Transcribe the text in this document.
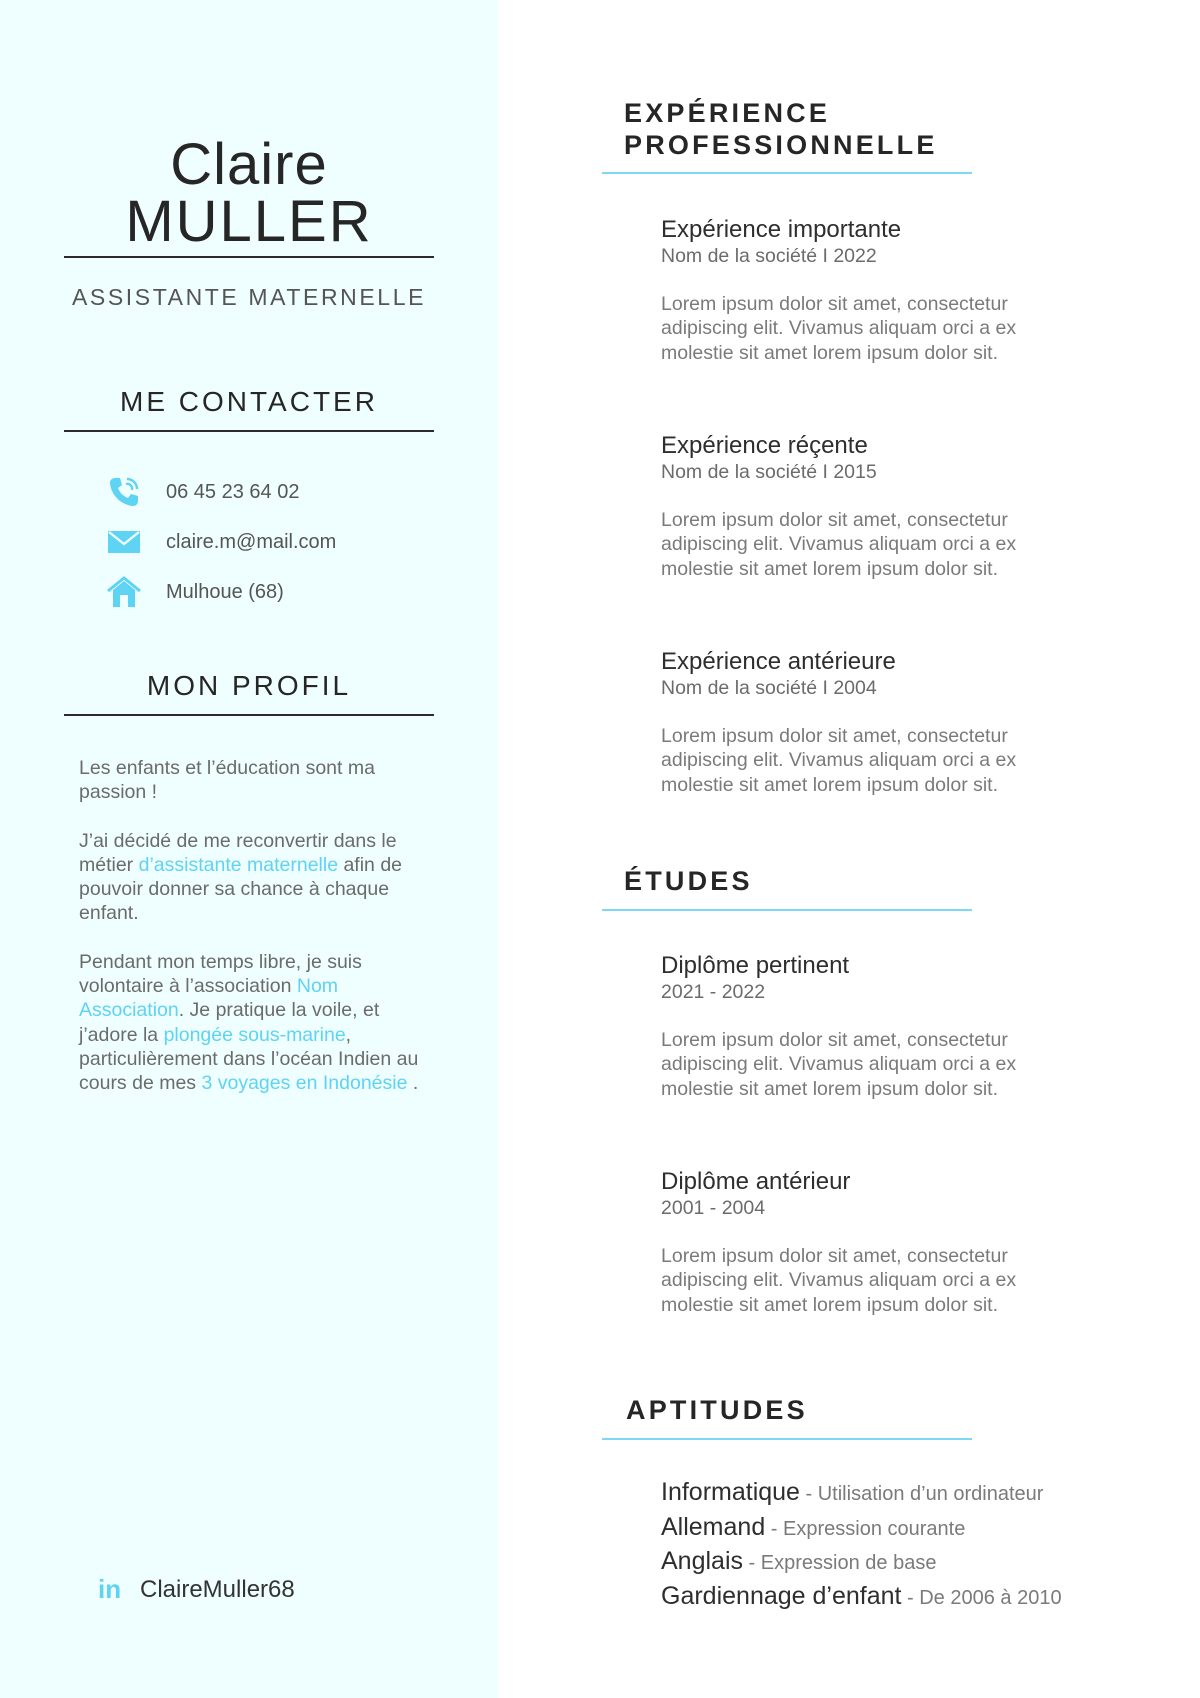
Claire
MULLER
ASSISTANTE MATERNELLE
ME CONTACTER
06 45 23 64 02
claire.m@mail.com
Mulhoue (68)
MON PROFIL

Les enfants et l’éducation sont ma passion !

J’ai décidé de me reconvertir dans le métier d’assistante maternelle afin de pouvoir donner sa chance à chaque enfant.

Pendant mon temps libre, je suis volontaire à l’association Nom Association. Je pratique la voile, et j’adore la plongée sous-marine, particulièrement dans l’océan Indien au cours de mes 3 voyages en Indonésie .

in ClaireMuller68
EXPÉRIENCE
PROFESSIONNELLE
Expérience importante
Nom de la société I 2022
Lorem ipsum dolor sit amet, consectetur adipiscing elit. Vivamus aliquam orci a ex molestie sit amet lorem ipsum dolor sit.
Expérience réçente
Nom de la société I 2015
Lorem ipsum dolor sit amet, consectetur adipiscing elit. Vivamus aliquam orci a ex molestie sit amet lorem ipsum dolor sit.
Expérience antérieure
Nom de la société I 2004
Lorem ipsum dolor sit amet, consectetur adipiscing elit. Vivamus aliquam orci a ex molestie sit amet lorem ipsum dolor sit.
ÉTUDES
Diplôme pertinent
2021 - 2022
Lorem ipsum dolor sit amet, consectetur adipiscing elit. Vivamus aliquam orci a ex molestie sit amet lorem ipsum dolor sit.
Diplôme antérieur
2001 - 2004
Lorem ipsum dolor sit amet, consectetur adipiscing elit. Vivamus aliquam orci a ex molestie sit amet lorem ipsum dolor sit.
APTITUDES
Informatique - Utilisation d’un ordinateur
Allemand - Expression courante
Anglais - Expression de base
Gardiennage d’enfant - De 2006 à 2010
